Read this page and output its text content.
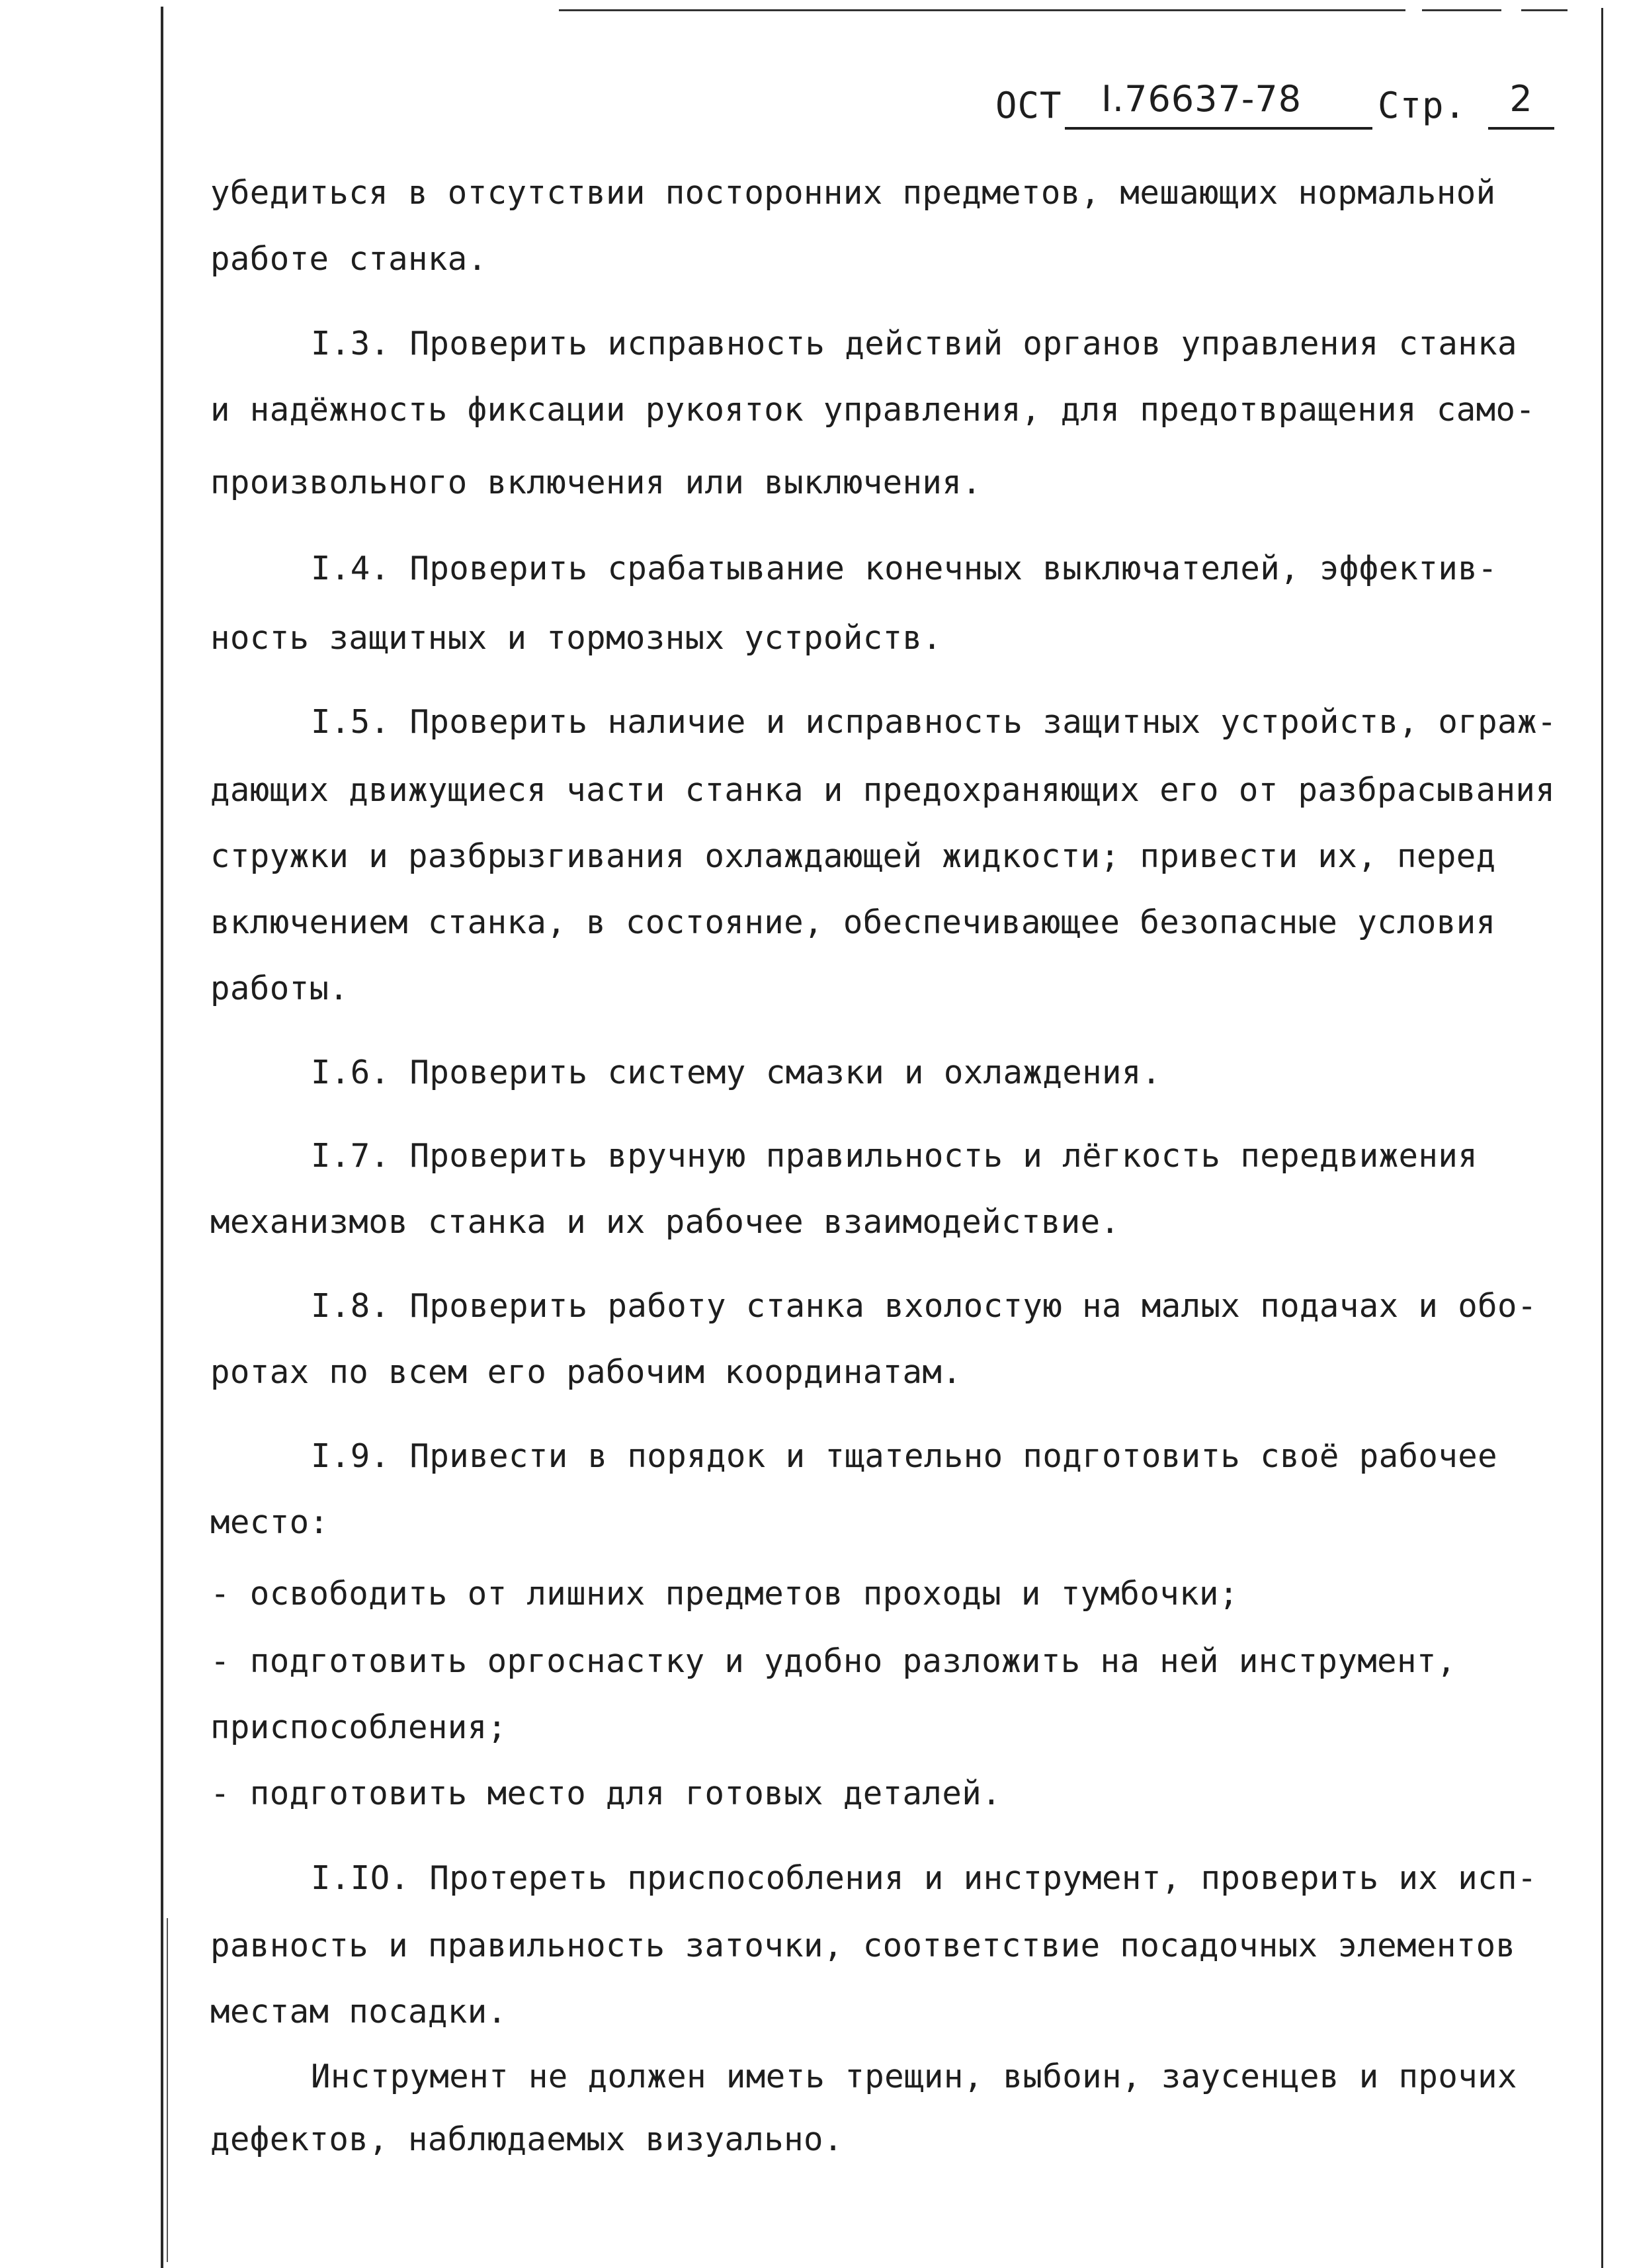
ОСТ I.76637-78 Стр.	2
убедиться в отсутствии посторонних предметов, мешающих нормальной
работе станка.
I.3. Проверить исправность действий органов управления станка
и надёжность фиксации рукояток управления, для предотвращения само-
произвольного включения или выключения.
I.4. Проверить срабатывание конечных выключателей, эффектив-
ность защитных и тормозных устройств.
I.5. Проверить наличие и исправность защитных устройств, ограж-
дающих движущиеся части станка и предохраняющих его от разбрасывания
стружки и разбрызгивания охлаждающей жидкости; привести их, перед
включением станка, в состояние, обеспечивающее безопасные условия
работы.
I.6. Проверить систему смазки и охлаждения.
I.7. Проверить вручную правильность и лёгкость передвижения
механизмов станка и их рабочее взаимодействие.
I.8. Проверить работу станка вхолостую на малых подачах и обо-
ротах по всем его рабочим координатам.
I.9. Привести в порядок и тщательно подготовить своё рабочее
место:
- освободить от лишних предметов проходы и тумбочки;
- подготовить оргоснастку и удобно разложить на ней инструмент,
приспособления;
- подготовить место для готовых деталей.
I.IO. Протереть приспособления и инструмент, проверить их исп-
равность и правильность заточки, соответствие посадочных элементов
местам посадки.
Инструмент не должен иметь трещин, выбоин, заусенцев и прочих
дефектов, наблюдаемых визуально.
